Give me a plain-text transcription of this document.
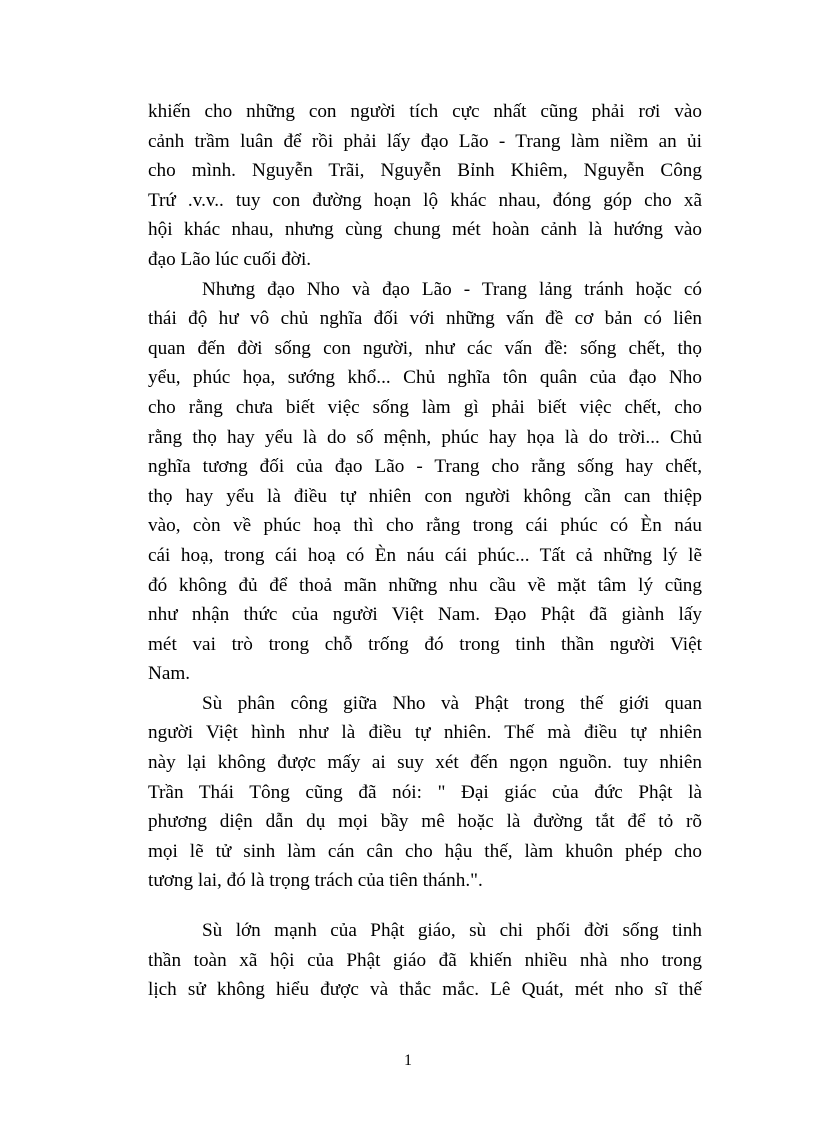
khiến cho những con người tích cực nhất cũng phải rơi vào
cảnh trầm luân để rồi phải lấy đạo Lão - Trang làm niềm an ủi
cho mình. Nguyễn Trãi, Nguyễn Bỉnh Khiêm, Nguyễn Công
Trứ .v.v.. tuy con đường hoạn lộ khác nhau, đóng góp cho xã
hội khác nhau, nhưng cùng chung mét hoàn cảnh là hướng vào
đạo Lão lúc cuối đời.
Nhưng đạo Nho và đạo Lão - Trang lảng tránh hoặc có
thái độ hư vô chủ nghĩa đối với những vấn đề cơ bản có liên
quan đến đời sống con người, như các vấn đề: sống chết, thọ
yểu, phúc họa, sướng khổ... Chủ nghĩa tôn quân của đạo Nho
cho rằng chưa biết việc sống làm gì phải biết việc chết, cho
rằng thọ hay yểu là do số mệnh, phúc hay họa là do trời... Chủ
nghĩa tương đối của đạo Lão - Trang cho rằng sống hay chết,
thọ hay yểu là điều tự nhiên con người không cần can thiệp
vào, còn về phúc hoạ thì cho rằng trong cái phúc có Èn náu
cái hoạ, trong cái hoạ có Èn náu cái phúc... Tất cả những lý lẽ
đó không đủ để thoả mãn những nhu cầu về mặt tâm lý cũng
như nhận thức của người Việt Nam. Đạo Phật đã giành lấy
mét vai trò trong chỗ trống đó trong tinh thần người Việt
Nam.
Sù phân công giữa Nho và Phật trong thế giới quan
người Việt hình như là điều tự nhiên. Thế mà điều tự nhiên
này lại không được mấy ai suy xét đến ngọn nguồn. tuy nhiên
Trần Thái Tông cũng đã nói: " Đại giác của đức Phật là
phương diện dẫn dụ mọi bầy mê hoặc là đường tắt để tỏ rõ
mọi lẽ tử sinh làm cán cân cho hậu thế, làm khuôn phép cho
tương lai, đó là trọng trách của tiên thánh.".
Sù lớn mạnh của Phật giáo, sù chi phối đời sống tinh
thần toàn xã hội của Phật giáo đã khiến nhiều nhà nho trong
lịch sử không hiểu được và thắc mắc. Lê Quát, mét nho sĩ thế
1
